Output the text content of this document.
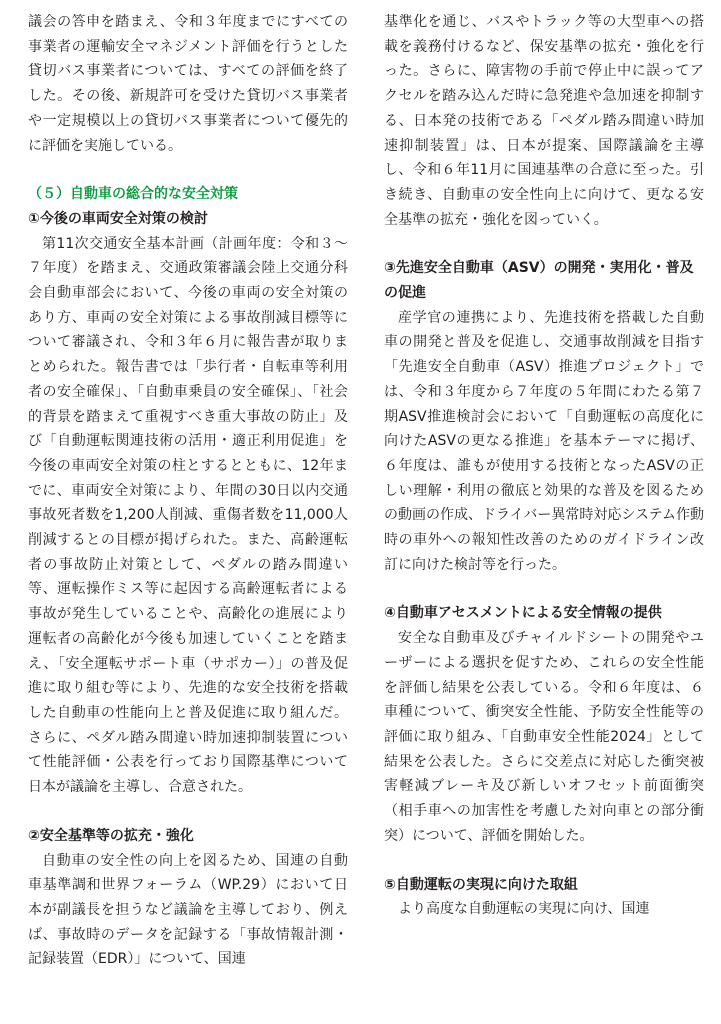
議会の答申を踏まえ、令和３年度までにすべての事業者の運輸安全マネジメント評価を行うとした貸切バス事業者については、すべての評価を終了した。その後、新規許可を受けた貸切バス事業者や一定規模以上の貸切バス事業者について優先的に評価を実施している。

（５）自動車の総合的な安全対策
①今後の車両安全対策の検討

第11次交通安全基本計画（計画年度：令和３～７年度）を踏まえ、交通政策審議会陸上交通分科会自動車部会において、今後の車両の安全対策のあり方、車両の安全対策による事故削減目標等について審議され、令和３年６月に報告書が取りまとめられた。報告書では「歩行者・自転車等利用者の安全確保」、「自動車乗員の安全確保」、「社会的背景を踏まえて重視すべき重大事故の防止」及び「自動運転関連技術の活用・適正利用促進」を今後の車両安全対策の柱とするとともに、12年までに、車両安全対策により、年間の30日以内交通事故死者数を1,200人削減、重傷者数を11,000人削減するとの目標が掲げられた。また、高齢運転者の事故防止対策として、ペダルの踏み間違い等、運転操作ミス等に起因する高齢運転者による事故が発生していることや、高齢化の進展により運転者の高齢化が今後も加速していくことを踏まえ、「安全運転サポート車（サポカー）」の普及促進に取り組む等により、先進的な安全技術を搭載した自動車の性能向上と普及促進に取り組んだ。さらに、ペダル踏み間違い時加速抑制装置について性能評価・公表を行っており国際基準について日本が議論を主導し、合意された。

②安全基準等の拡充・強化

自動車の安全性の向上を図るため、国連の自動車基準調和世界フォーラム（WP.29）において日本が副議長を担うなど議論を主導しており、例えば、事故時のデータを記録する「事故情報計測・記録装置（EDR）」について、国連

基準化を通じ、バスやトラック等の大型車への搭載を義務付けるなど、保安基準の拡充・強化を行った。さらに、障害物の手前で停止中に誤ってアクセルを踏み込んだ時に急発進や急加速を抑制する、日本発の技術である「ペダル踏み間違い時加速抑制装置」は、日本が提案、国際議論を主導し、令和６年11月に国連基準の合意に至った。引き続き、自動車の安全性向上に向けて、更なる安全基準の拡充・強化を図っていく。

③先進安全自動車（ASV）の開発・実用化・普及の促進

産学官の連携により、先進技術を搭載した自動車の開発と普及を促進し、交通事故削減を目指す「先進安全自動車（ASV）推進プロジェクト」では、令和３年度から７年度の５年間にわたる第７期ASV推進検討会において「自動運転の高度化に向けたASVの更なる推進」を基本テーマに掲げ、６年度は、誰もが使用する技術となったASVの正しい理解・利用の徹底と効果的な普及を図るための動画の作成、ドライバー異常時対応システム作動時の車外への報知性改善のためのガイドライン改訂に向けた検討等を行った。

④自動車アセスメントによる安全情報の提供

安全な自動車及びチャイルドシートの開発やユーザーによる選択を促すため、これらの安全性能を評価し結果を公表している。令和６年度は、６車種について、衝突安全性能、予防安全性能等の評価に取り組み、「自動車安全性能2024」として結果を公表した。さらに交差点に対応した衝突被害軽減ブレーキ及び新しいオフセット前面衝突（相手車への加害性を考慮した対向車との部分衝突）について、評価を開始した。

⑤自動運転の実現に向けた取組

より高度な自動運転の実現に向け、国連
